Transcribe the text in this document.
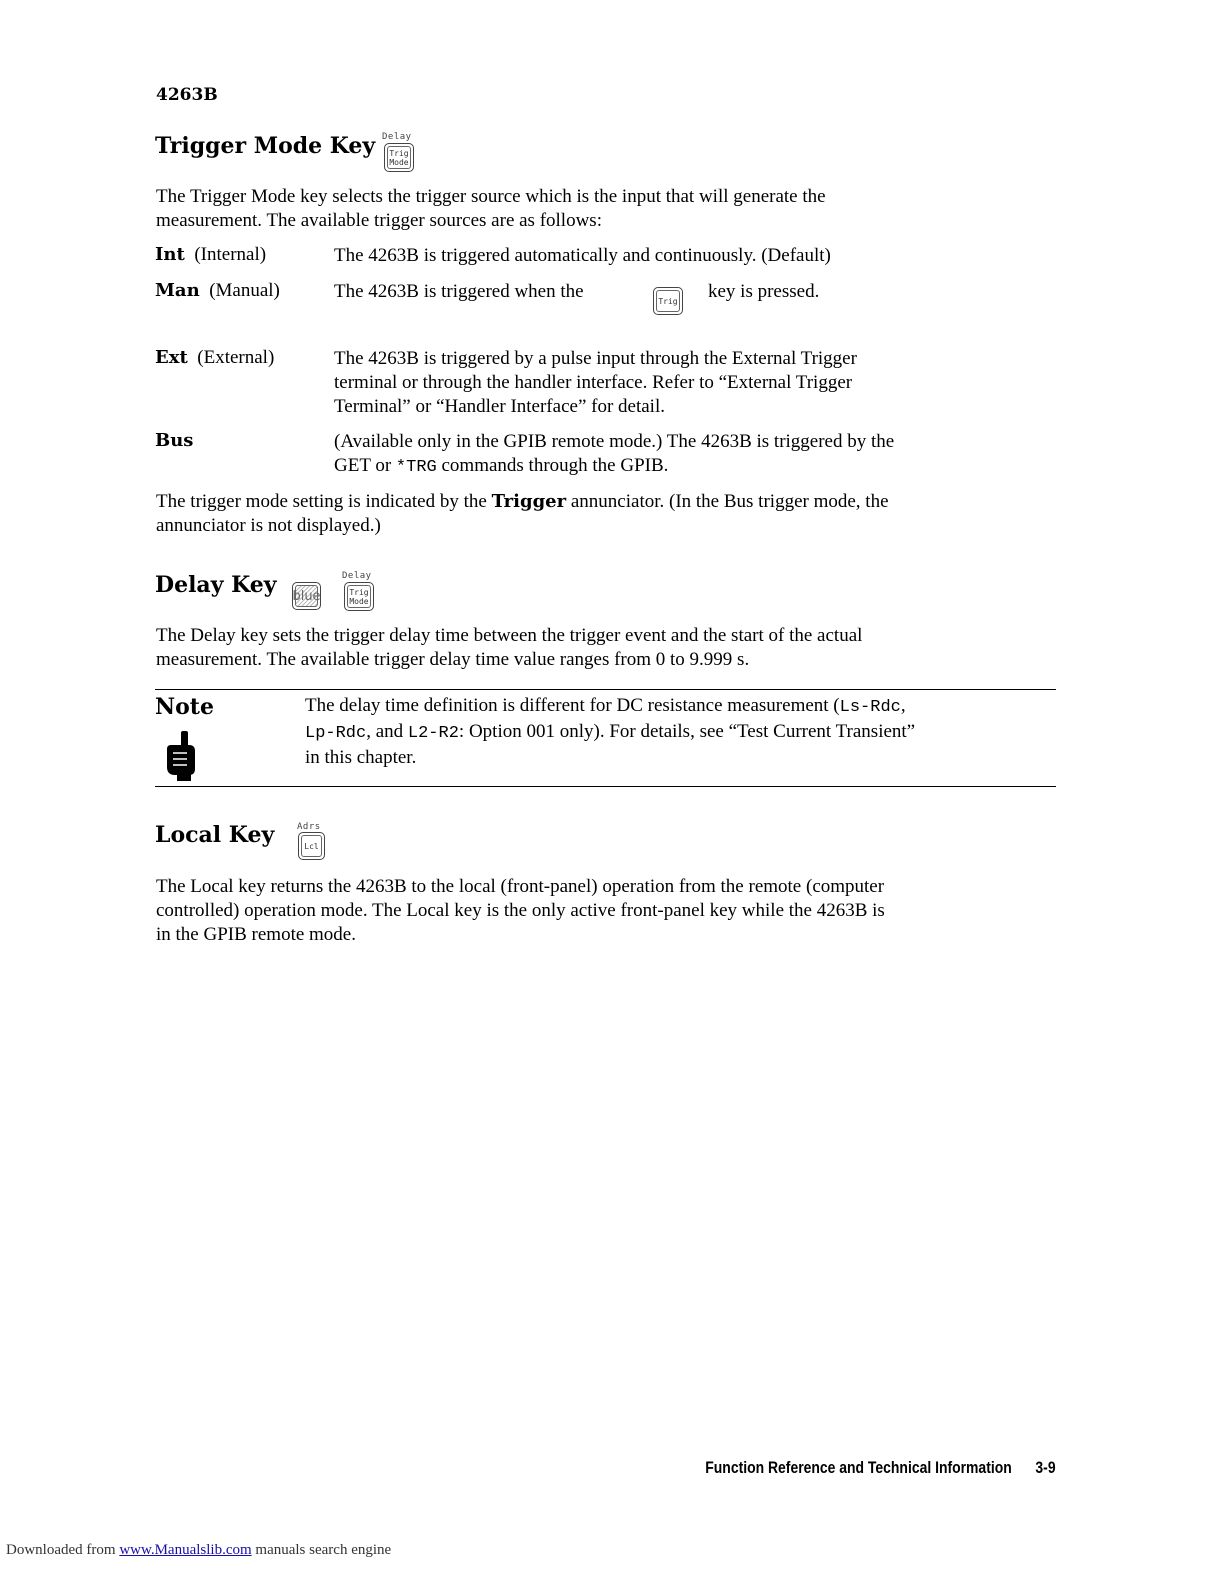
4263B
Trigger Mode Key Delay
Trig
Mode
The Trigger Mode key selects the trigger source which is the input that will generate the
measurement. The available trigger sources are as follows:
Int (Internal)	The 4263B is triggered automatically and continuously. (Default)
Man (Manual)	The 4263B is triggered when the	Trig key is pressed.
Ext (External)	The 4263B is triggered by a pulse input through the External Trigger
terminal or through the handler interface. Refer to “External Trigger
Terminal” or “Handler Interface” for detail.
Bus	(Available only in the GPIB remote mode.) The 4263B is triggered by the
GET or *TRG commands through the GPIB.
The trigger mode setting is indicated by the Trigger annunciator. (In the Bus trigger mode, the
annunciator is not displayed.)
Delay Key blue
Delay
Trig
Mode
The Delay key sets the trigger delay time between the trigger event and the start of the actual
measurement. The available trigger delay time value ranges from 0 to 9.999 s.
Note	The delay time definition is different for DC resistance measurement (Ls-Rdc,
Lp-Rdc, and L2-R2: Option 001 only). For details, see “Test Current Transient”
in this chapter.
Local Key	Adrs
Lcl
The Local key returns the 4263B to the local (front-panel) operation from the remote (computer
controlled) operation mode. The Local key is the only active front-panel key while the 4263B is
in the GPIB remote mode.
Function Reference and Technical Information 3-9
Downloaded from www.Manualslib.com manuals search engine
